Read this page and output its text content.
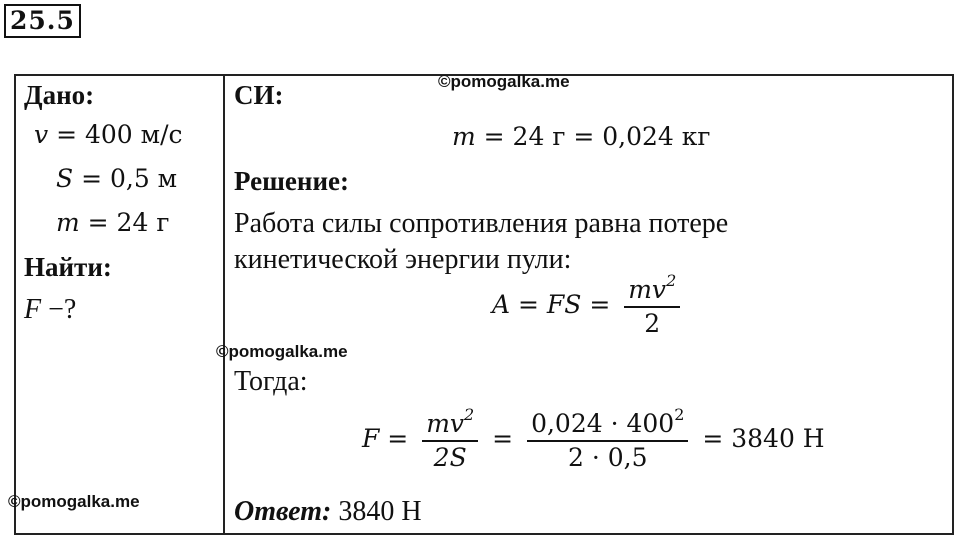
25.5
Дано:
v = 400 м/с
S = 0,5 м
m = 24 г
Найти:
F −?
СИ:
m = 24 г = 0,024 кг
Решение:
Работа силы сопротивления равна потере
кинетической энергии пули:
A = FS = $\frac{mv^2}{2}$
Тогда:
$F = \frac{mv^2}{2S} = \frac{0,024 \cdot 400^2}{2 \cdot 0,5} = 3840$ Н
Ответ: 3840 Н
©pomogalka.me
©pomogalka.me
©pomogalka.me
